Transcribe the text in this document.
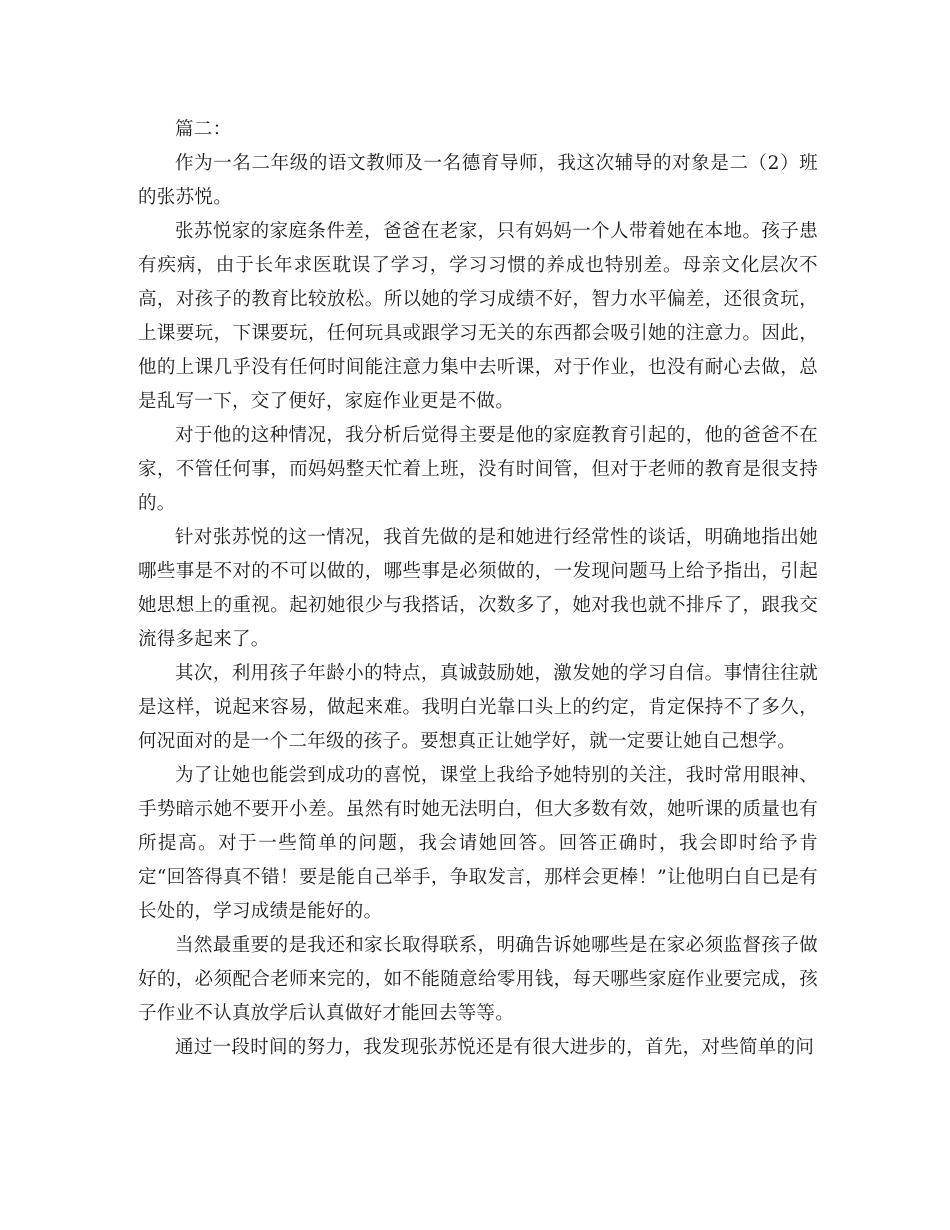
篇二：

作为一名二年级的语文教师及一名德育导师，我这次辅导的对象是二（2）班的张苏悦。

张苏悦家的家庭条件差，爸爸在老家，只有妈妈一个人带着她在本地。孩子患有疾病，由于长年求医耽误了学习，学习习惯的养成也特别差。母亲文化层次不高，对孩子的教育比较放松。所以她的学习成绩不好，智力水平偏差，还很贪玩，上课要玩，下课要玩，任何玩具或跟学习无关的东西都会吸引她的注意力。因此，他的上课几乎没有任何时间能注意力集中去听课，对于作业，也没有耐心去做，总是乱写一下，交了便好，家庭作业更是不做。

对于他的这种情况，我分析后觉得主要是他的家庭教育引起的，他的爸爸不在家，不管任何事，而妈妈整天忙着上班，没有时间管，但对于老师的教育是很支持的。

针对张苏悦的这一情况，我首先做的是和她进行经常性的谈话，明确地指出她哪些事是不对的不可以做的，哪些事是必须做的，一发现问题马上给予指出，引起她思想上的重视。起初她很少与我搭话，次数多了，她对我也就不排斥了，跟我交流得多起来了。

其次，利用孩子年龄小的特点，真诚鼓励她，激发她的学习自信。事情往往就是这样，说起来容易，做起来难。我明白光靠口头上的约定，肯定保持不了多久，何况面对的是一个二年级的孩子。要想真正让她学好，就一定要让她自己想学。

为了让她也能尝到成功的喜悦，课堂上我给予她特别的关注，我时常用眼神、手势暗示她不要开小差。虽然有时她无法明白，但大多数有效，她听课的质量也有所提高。对于一些简单的问题，我会请她回答。回答正确时，我会即时给予肯定“回答得真不错！要是能自己举手，争取发言，那样会更棒！”让他明白自已是有长处的，学习成绩是能好的。

当然最重要的是我还和家长取得联系，明确告诉她哪些是在家必须监督孩子做好的，必须配合老师来完的，如不能随意给零用钱，每天哪些家庭作业要完成，孩子作业不认真放学后认真做好才能回去等等。

通过一段时间的努力，我发现张苏悦还是有很大进步的，首先，对些简单的问
